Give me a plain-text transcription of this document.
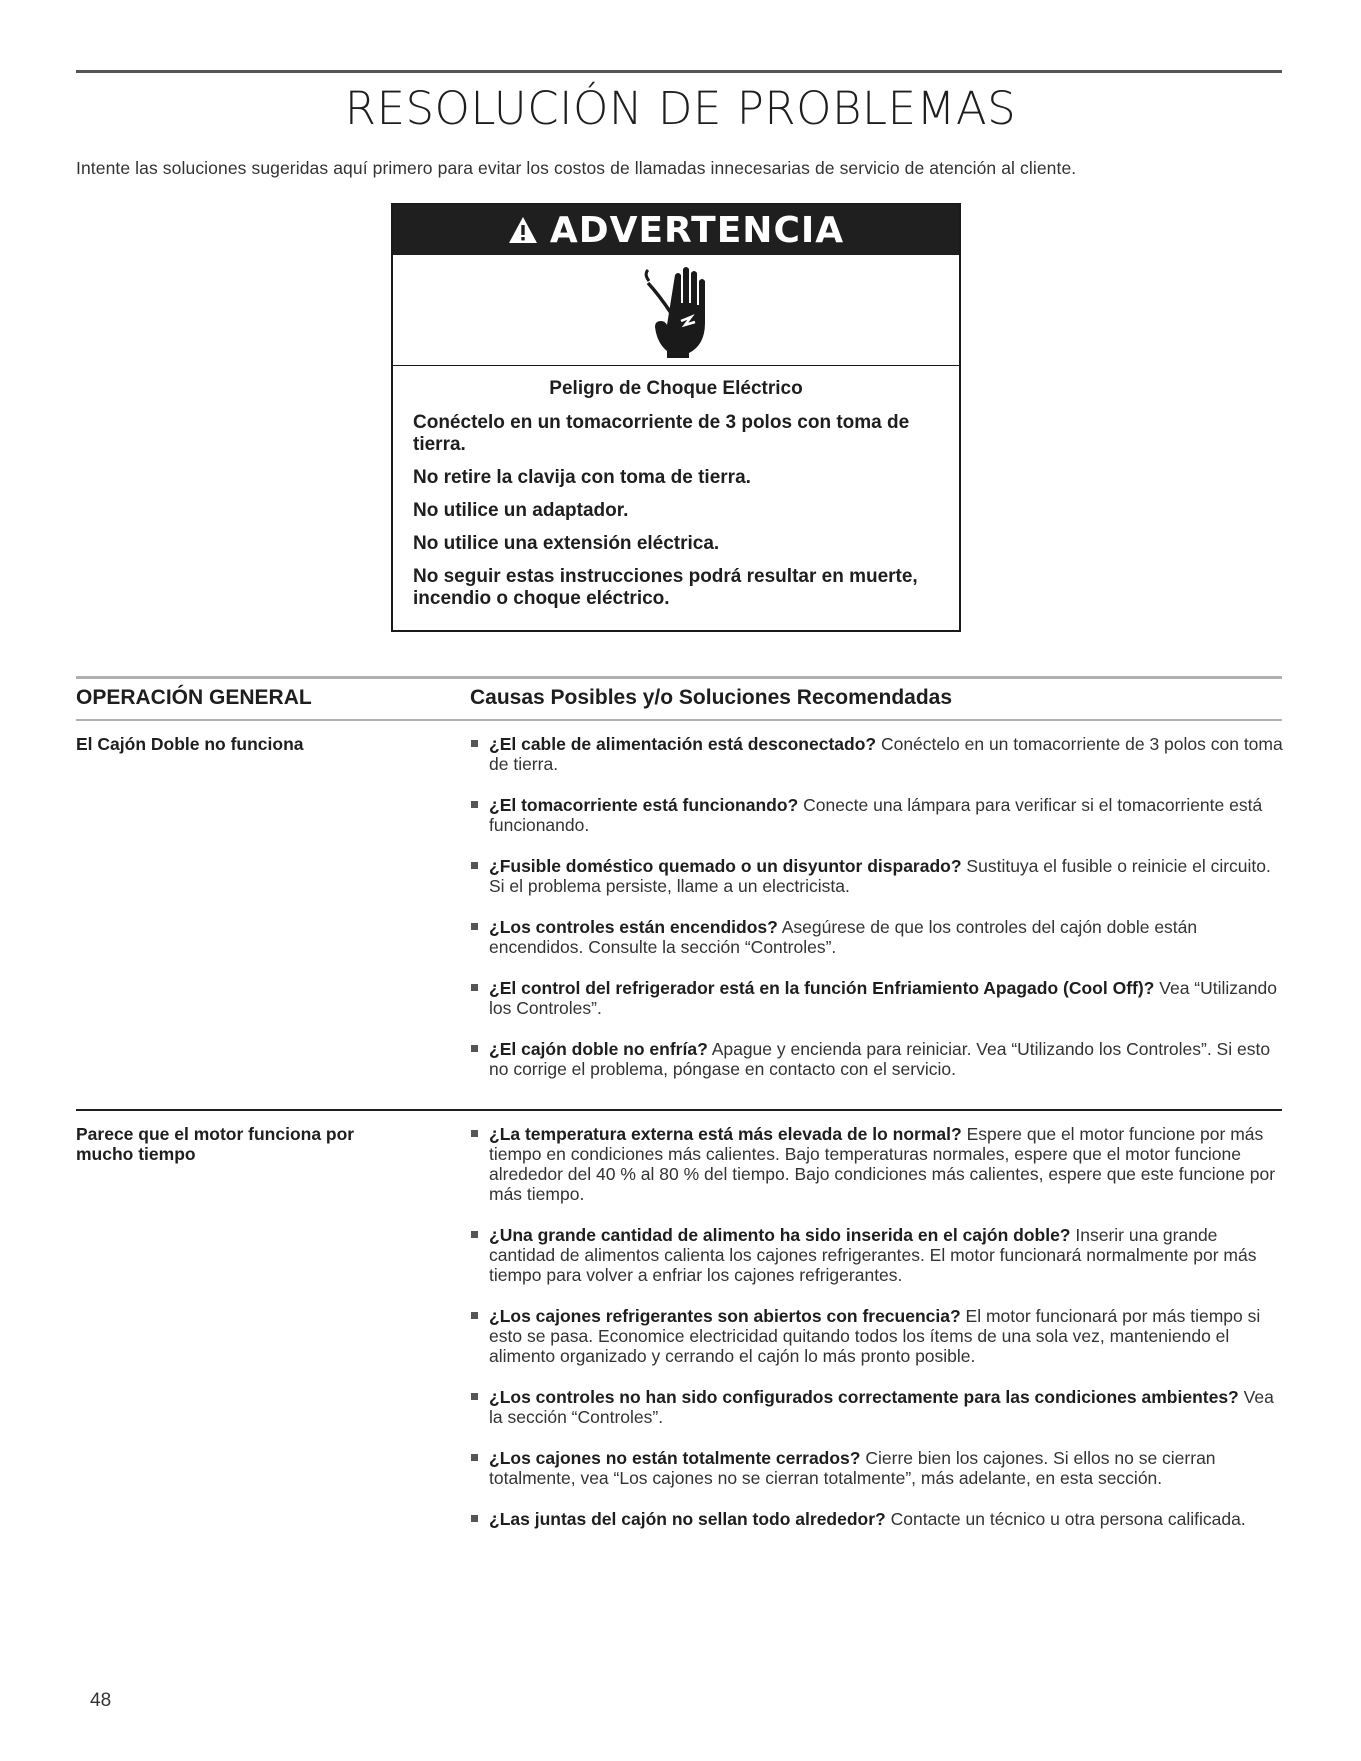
RESOLUCIÓN DE PROBLEMAS

Intente las soluciones sugeridas aquí primero para evitar los costos de llamadas innecesarias de servicio de atención al cliente.

ADVERTENCIA

Peligro de Choque Eléctrico

Conéctelo en un tomacorriente de 3 polos con toma de tierra.

No retire la clavija con toma de tierra.

No utilice un adaptador.

No utilice una extensión eléctrica.

No seguir estas instrucciones podrá resultar en muerte, incendio o choque eléctrico.

OPERACIÓN GENERAL	Causas Posibles y/o Soluciones Recomendadas

El Cajón Doble no funciona	¿El cable de alimentación está desconectado? Conéctelo en un tomacorriente de 3 polos con toma de tierra.
¿El tomacorriente está funcionando? Conecte una lámpara para verificar si el tomacorriente está funcionando.
¿Fusible doméstico quemado o un disyuntor disparado? Sustituya el fusible o reinicie el circuito. Si el problema persiste, llame a un electricista.
¿Los controles están encendidos? Asegúrese de que los controles del cajón doble están encendidos. Consulte la sección “Controles”.
¿El control del refrigerador está en la función Enfriamiento Apagado (Cool Off)? Vea “Utilizando los Controles”.
¿El cajón doble no enfría? Apague y encienda para reiniciar. Vea “Utilizando los Controles”. Si esto no corrige el problema, póngase en contacto con el servicio.

Parece que el motor funciona por mucho tiempo

¿La temperatura externa está más elevada de lo normal? Espere que el motor funcione por más tiempo en condiciones más calientes. Bajo temperaturas normales, espere que el motor funcione alrededor del 40 % al 80 % del tiempo. Bajo condiciones más calientes, espere que este funcione por más tiempo.
¿Una grande cantidad de alimento ha sido inserida en el cajón doble? Inserir una grande cantidad de alimentos calienta los cajones refrigerantes. El motor funcionará normalmente por más tiempo para volver a enfriar los cajones refrigerantes.
¿Los cajones refrigerantes son abiertos con frecuencia? El motor funcionará por más tiempo si esto se pasa. Economice electricidad quitando todos los ítems de una sola vez, manteniendo el alimento organizado y cerrando el cajón lo más pronto posible.
¿Los controles no han sido configurados correctamente para las condiciones ambientes? Vea la sección “Controles”.
¿Los cajones no están totalmente cerrados? Cierre bien los cajones. Si ellos no se cierran totalmente, vea “Los cajones no se cierran totalmente”, más adelante, en esta sección.
¿Las juntas del cajón no sellan todo alrededor? Contacte un técnico u otra persona calificada.

48
